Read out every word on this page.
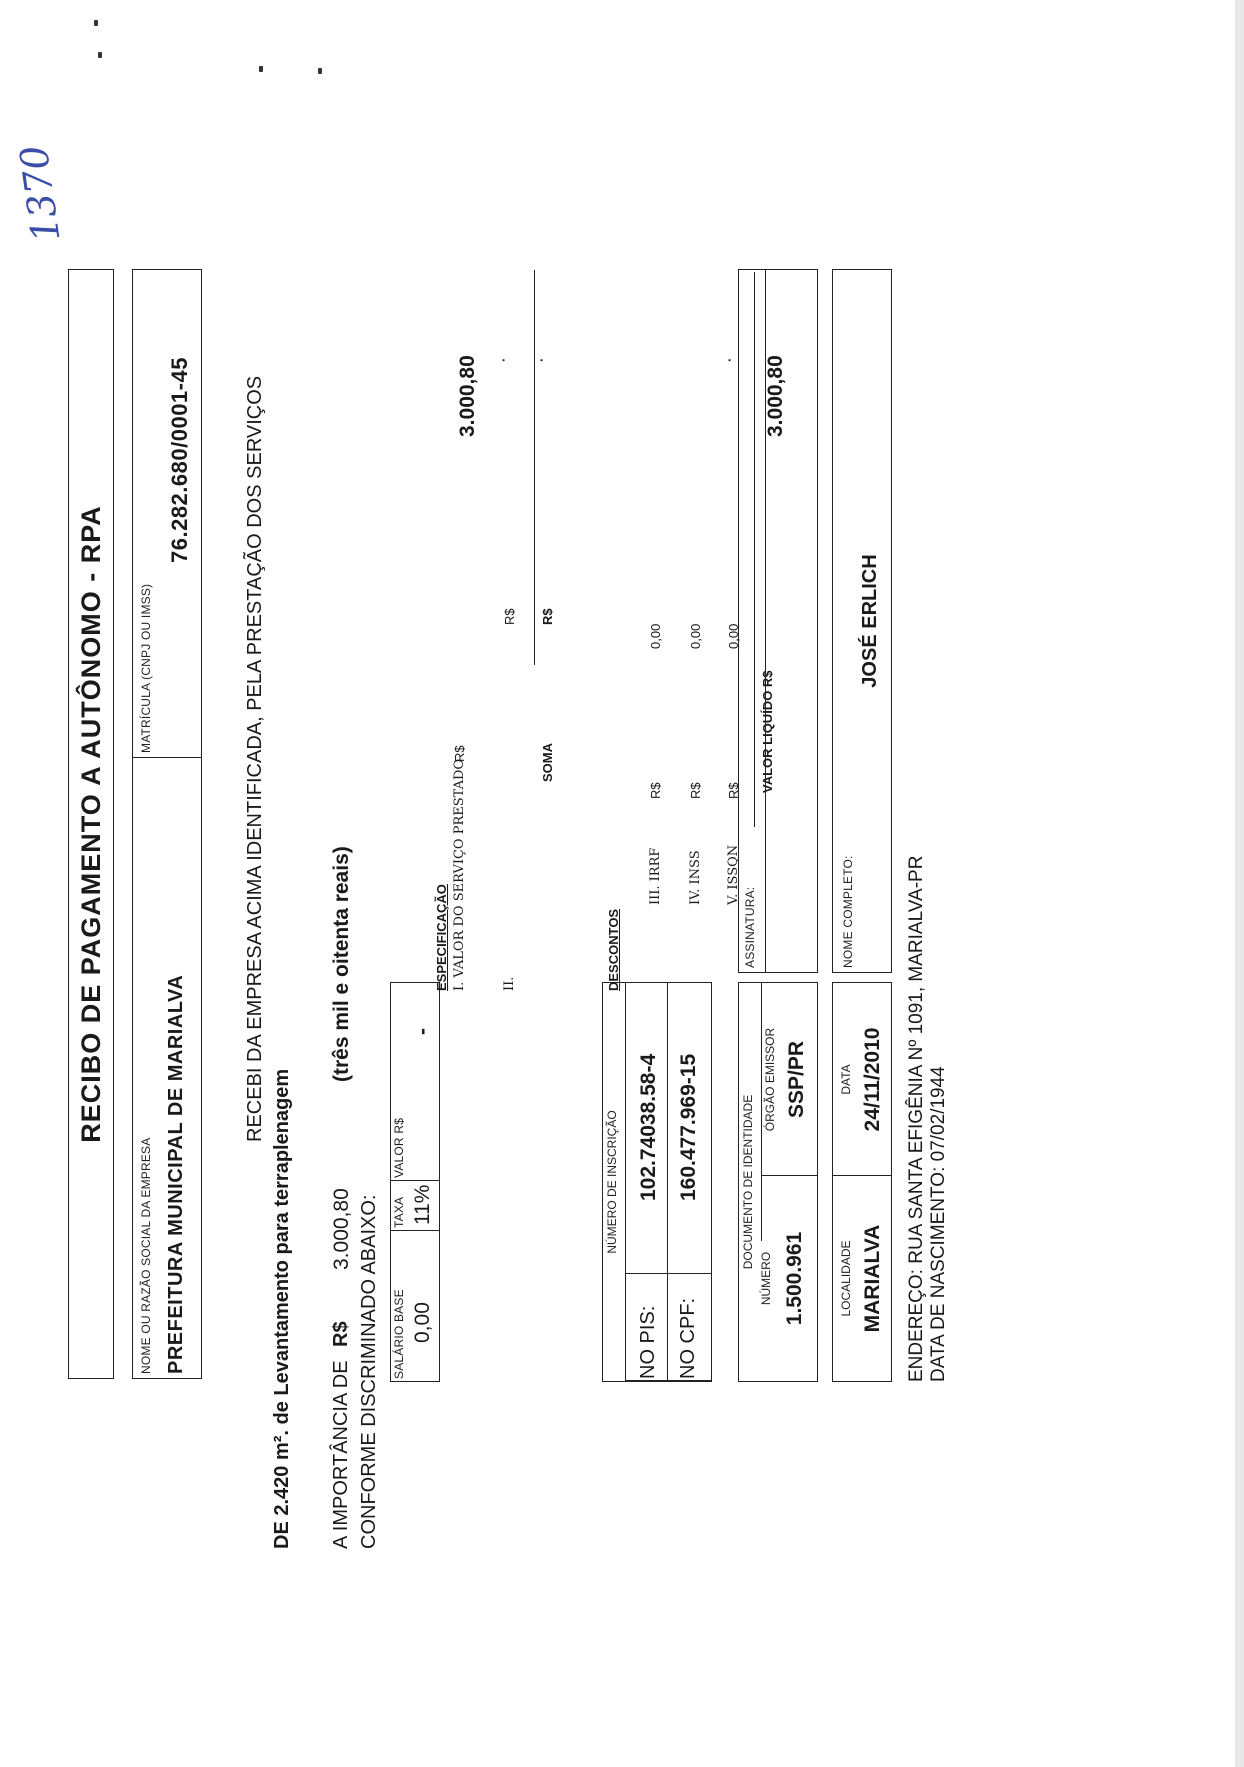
1370
RECIBO DE PAGAMENTO A AUTÔNOMO - RPA
NOME OU RAZÃO SOCIAL DA EMPRESA PREFEITURA MUNICIPAL DE MARIALVA
MATRÍCULA (CNPJ OU IMSS)
76.282.680/0001-45	RECEBI DA EMPRESA ACIMA IDENTIFICADA, PELA PRESTAÇÃO DOS SERVIÇOS
DE 2.420 m². de Levantamento para terraplenagem A IMPORTÂNCIA DE
R$
3.000,80
(três mil e oitenta reais)
CONFORME DISCRIMINADO ABAIXO: SALÁRIO BASE 0,00
TAXA 11%
VALOR R$
-
ESPECIFICAÇÃO I. VALOR DO SERVIÇO PRESTADO
R$
3.000,80
II.
R$
·
SOMA
R$
·
NÚMERO DE INSCRIÇÃO
NO PIS:
102.74038.58-4
NO CPF:
160.477.969-15
DESCONTOS
III. IRRF
R$
0,00
IV. INSS
R$
0,00
V. ISSQN
R$
0,00
·
VALOR LIQUÍDO R$
3.000,80
DOCUMENTO DE IDENTIDADE
NÚMERO 1.500.961
ÓRGÃO EMISSOR SSP/PR
ASSINATURA:
LOCALIDADE MARIALVA
DATA 24/11/2010
NOME COMPLETO:
JOSÉ ERLICH
ENDEREÇO: RUA SANTA EFIGÊNIA Nº 1091, MARIALVA-PR DATA DE NASCIMENTO: 07/02/1944
